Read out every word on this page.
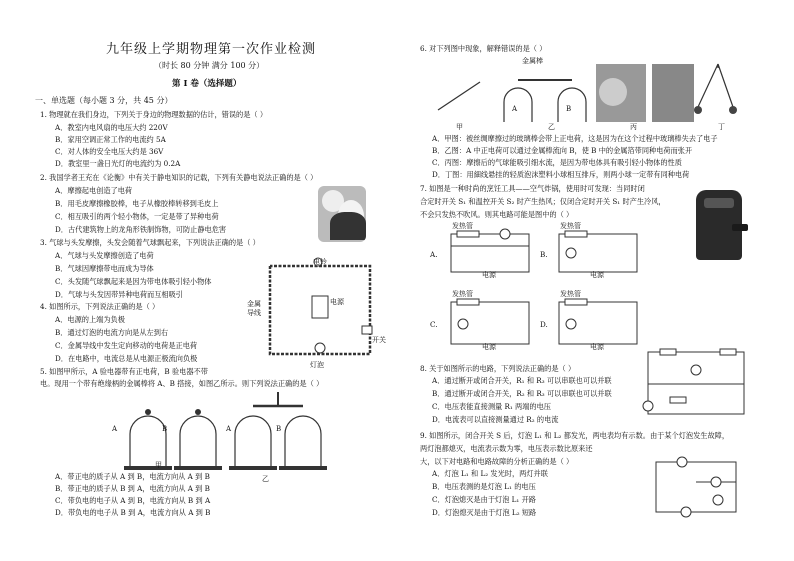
九年级上学期物理第一次作业检测
（时长 80 分钟 满分 100 分）
第 I 卷（选择题）
一、单选题（每小题 3 分，共 45 分）
1. 物理就在我们身边，下列关于身边的物理数据的估计，错误的是（ ）
A．教室内电风扇的电压大约 220V
B．家用空调正常工作的电流约 5A
C．对人体的安全电压大约是 36V
D．教室里一盏日光灯的电流约为 0.2A
2. 我国学者王充在《论衡》中有关于静电知识的记载，下列有关静电说法正确的是（ ）
A．摩擦起电创造了电荷
B．用毛皮摩擦橡胶棒，电子从橡胶棒转移到毛皮上
C．相互吸引的两个轻小物体，一定是带了异种电荷
D．古代建筑物上的龙角形铁制饰物，可防止静电危害
3. 气球与头发摩擦，头发会随着气球飘起来，下列说法正确的是（ ）
A．气球与头发摩擦创造了电荷
B．气球因摩擦带电而成为导体
C．头发随气球飘起来是因为带电体吸引轻小物体
D．气球与头发因带异种电荷而互相吸引
4. 如图所示，下列说法正确的是（ ）
A．电源的上端为负极
B．通过灯泡的电流方向是从左到右
C．金属导线中发生定向移动的电荷是正电荷
D．在电路中，电流总是从电源正极流向负极
电铃
电源
金属导线
开关
灯泡
5. 如图甲所示，A 验电器带有正电荷，B 验电器不带
电。现用一个带有绝缘柄的金属棒将 A、B 搭接，如图乙所示。则下列说法正确的是（ ）
A	B	A	B
甲
乙
A．带正电的质子从 A 到 B，电流方向从 A 到 B
B．带正电的质子从 B 到 A，电流方向从 A 到 B
C．带负电的电子从 A 到 B，电流方向从 B 到 A
D．带负电的电子从 B 到 A，电流方向从 A 到 B
6. 对下列图中现象，解释错误的是（ ）
金属棒
A	B
甲	乙	丙	丁
A．甲图：被丝绸摩擦过的玻璃棒会带上正电荷，这是因为在这个过程中玻璃棒失去了电子
B．乙图：A 中正电荷可以通过金属棒流向 B，使 B 中的金属箔带同种电荷而张开
C．丙图：摩擦后的气球能吸引细水流，是因为带电体具有吸引轻小物体的性质
D．丁图：用細线悬挂的轻质泡沫塑料小球相互排斥，则两小球一定带有同种电荷
7. 如图是一种时尚的烹饪工具——空气炸锅，使用时可发现：当同时闭
合定时开关 S₁ 和温控开关 S₂ 时产生热风；仅闭合定时开关 S₁ 时产生冷风，
不会只发热不吹风。则其电路可能是图中的（ ）
发热管	发热管
发热管	发热管
电源	电源
电源	电源
A.	B.
C.	D.
8. 关于如图所示的电路，下列说法正确的是（ ）
A．通过断开或闭合开关，R₁ 和 R₃ 可以串联也可以并联
B．通过断开或闭合开关，R₂ 和 R₃ 可以串联也可以并联
C．电压表能直接测量 R₁ 两端的电压
D．电流表可以直接测量通过 R₂ 的电流
9. 如图所示，闭合开关 S 后，灯泡 L₁ 和 L₂ 都发光，两电表均有示数。由于某个灯泡发生故障，
两灯泡都熄灭，电流表示数为零，电压表示数比原来还
大，以下对电路和电路故障的分析正确的是（ ）
A．灯泡 L₁ 和 L₂ 发光时，两灯并联
B．电压表测的是灯泡 L₁ 的电压
C．灯泡熄灭是由于灯泡 L₁ 开路
D．灯泡熄灭是由于灯泡 L₂ 短路
